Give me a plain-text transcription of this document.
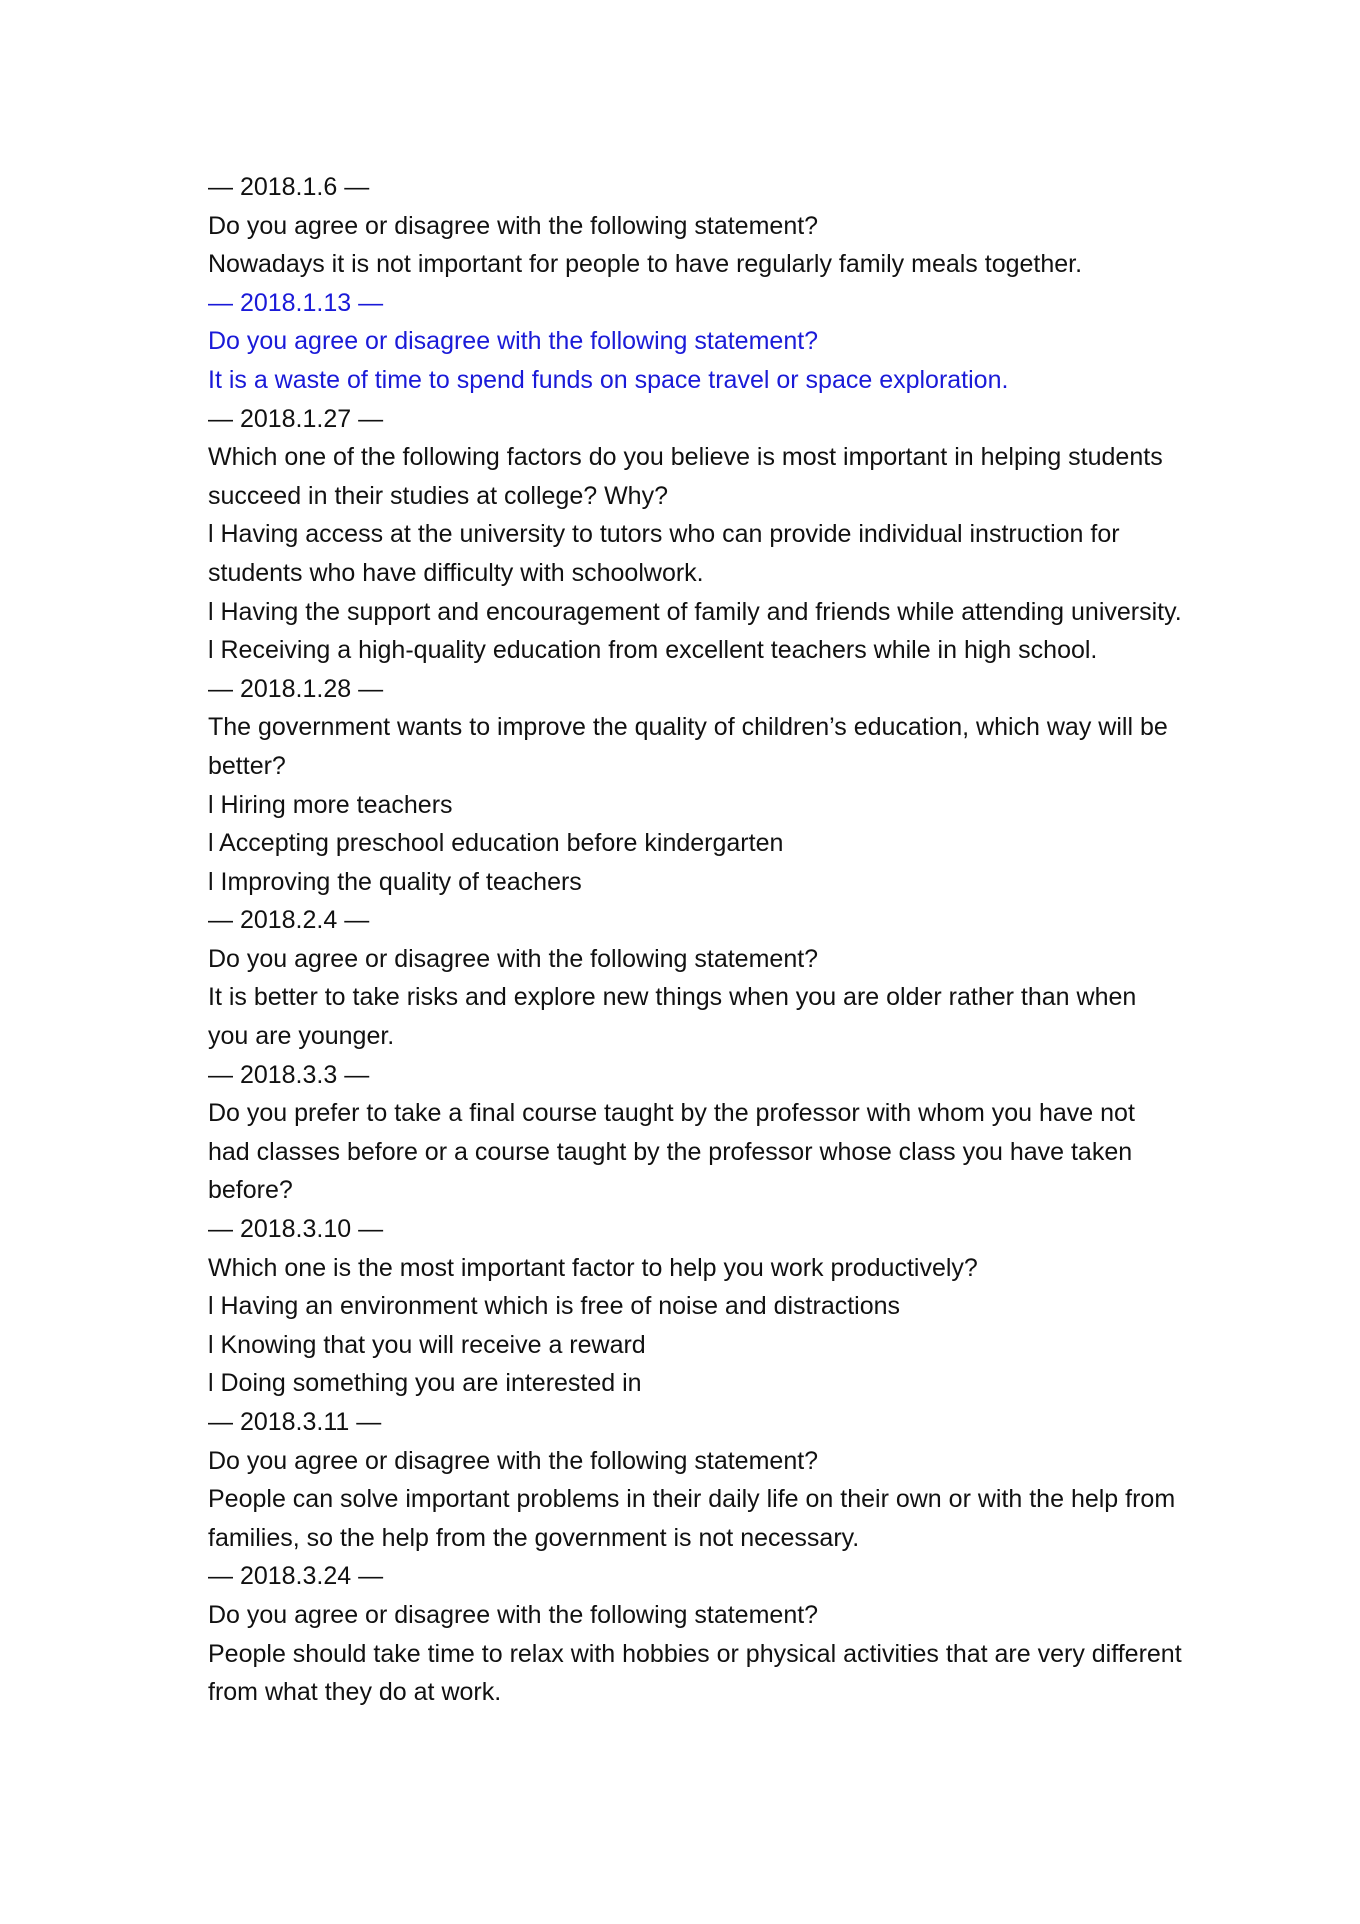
— 2018.1.6 —

Do you agree or disagree with the following statement?

Nowadays it is not important for people to have regularly family meals together.

— 2018.1.13 —

Do you agree or disagree with the following statement?

It is a waste of time to spend funds on space travel or space exploration.

— 2018.1.27 —

Which one of the following factors do you believe is most important in helping students succeed in their studies at college? Why?

l Having access at the university to tutors who can provide individual instruction for students who have difficulty with schoolwork.

l Having the support and encouragement of family and friends while attending university.

l Receiving a high-quality education from excellent teachers while in high school.

— 2018.1.28 —

The government wants to improve the quality of children’s education, which way will be better?

l Hiring more teachers

l Accepting preschool education before kindergarten

l Improving the quality of teachers

— 2018.2.4 —

Do you agree or disagree with the following statement?

It is better to take risks and explore new things when you are older rather than when you are younger.

— 2018.3.3 —

Do you prefer to take a final course taught by the professor with whom you have not had classes before or a course taught by the professor whose class you have taken before?

— 2018.3.10 —

Which one is the most important factor to help you work productively?

l Having an environment which is free of noise and distractions

l Knowing that you will receive a reward

l Doing something you are interested in

— 2018.3.11 —

Do you agree or disagree with the following statement?

People can solve important problems in their daily life on their own or with the help from families, so the help from the government is not necessary.

— 2018.3.24 —

Do you agree or disagree with the following statement?

People should take time to relax with hobbies or physical activities that are very different from what they do at work.
